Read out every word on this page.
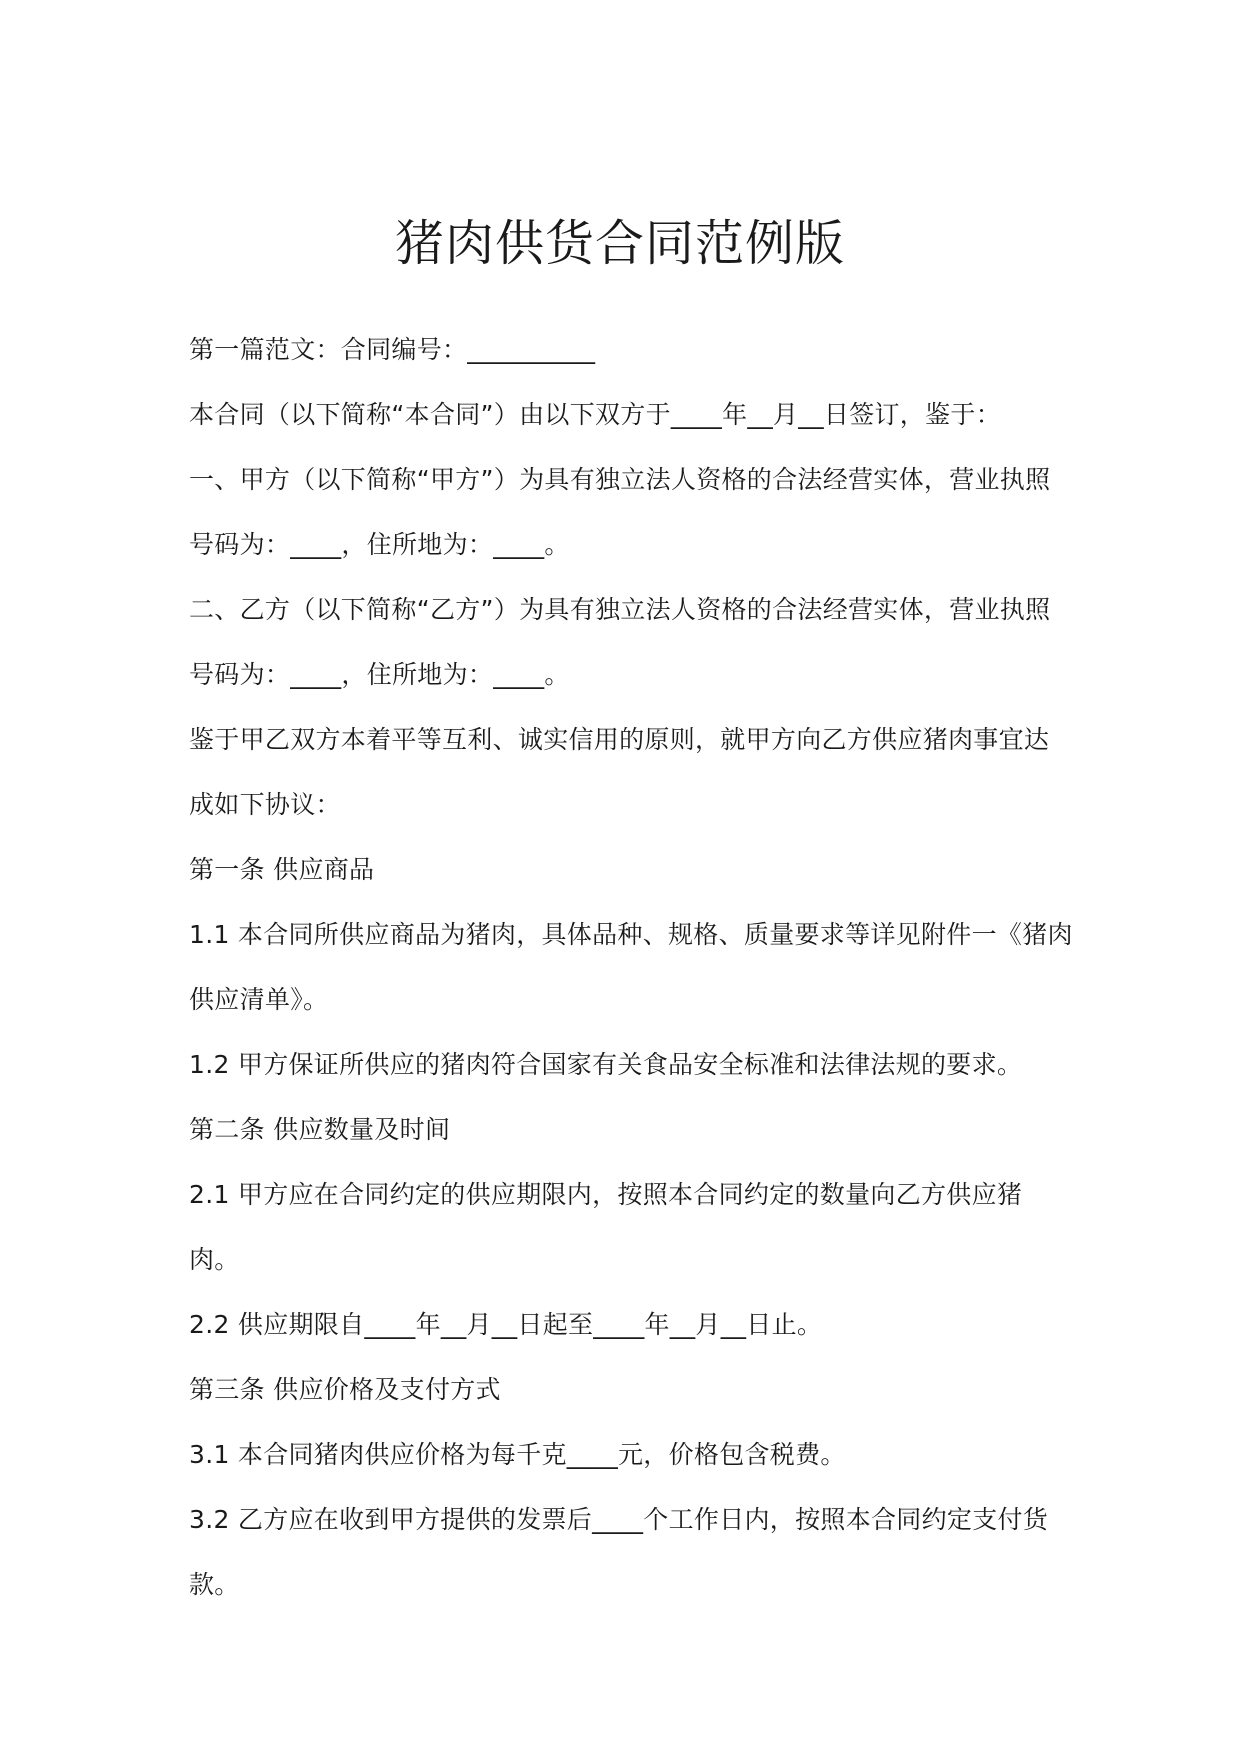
猪肉供货合同范例版

第一篇范文：合同编号：__________

本合同（以下简称“本合同”）由以下双方于____年__月__日签订，鉴于：

一、甲方（以下简称“甲方”）为具有独立法人资格的合法经营实体，营业执照

号码为：____，住所地为：____。

二、乙方（以下简称“乙方”）为具有独立法人资格的合法经营实体，营业执照

号码为：____，住所地为：____。

鉴于甲乙双方本着平等互利、诚实信用的原则，就甲方向乙方供应猪肉事宜达

成如下协议：

第一条 供应商品

1.1 本合同所供应商品为猪肉，具体品种、规格、质量要求等详见附件一《猪肉

供应清单》。

1.2 甲方保证所供应的猪肉符合国家有关食品安全标准和法律法规的要求。

第二条 供应数量及时间

2.1 甲方应在合同约定的供应期限内，按照本合同约定的数量向乙方供应猪

肉。

2.2 供应期限自____年__月__日起至____年__月__日止。

第三条 供应价格及支付方式

3.1 本合同猪肉供应价格为每千克____元，价格包含税费。

3.2 乙方应在收到甲方提供的发票后____个工作日内，按照本合同约定支付货

款。
